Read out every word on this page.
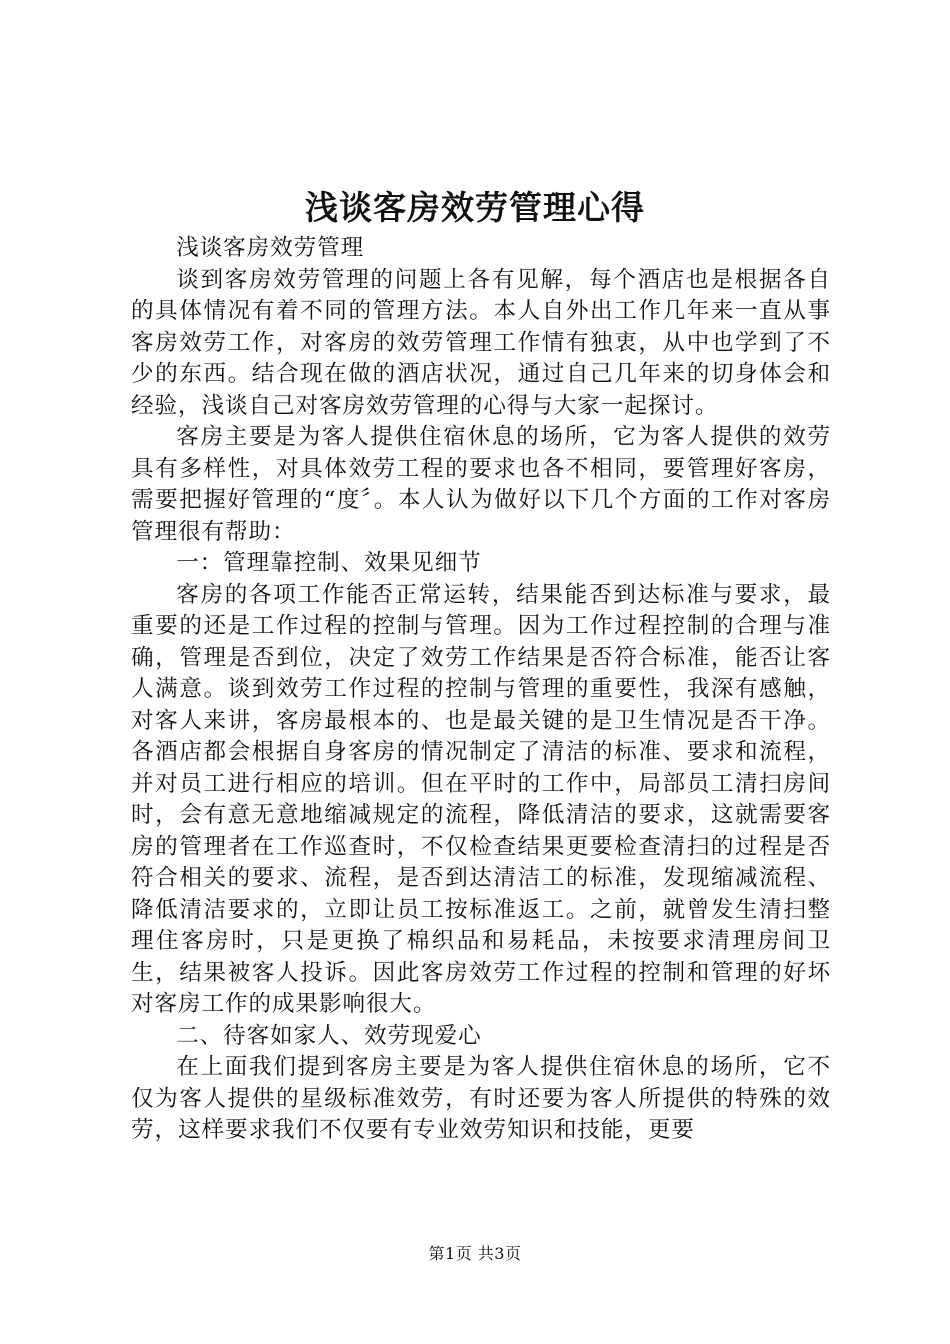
浅谈客房效劳管理心得

浅谈客房效劳管理

谈到客房效劳管理的问题上各有见解，每个酒店也是根据各自的具体情况有着不同的管理方法。本人自外出工作几年来一直从事客房效劳工作，对客房的效劳管理工作情有独衷，从中也学到了不少的东西。结合现在做的酒店状况，通过自己几年来的切身体会和经验，浅谈自己对客房效劳管理的心得与大家一起探讨。

客房主要是为客人提供住宿休息的场所，它为客人提供的效劳具有多样性，对具体效劳工程的要求也各不相同，要管理好客房，需要把握好管理的“度〞。本人认为做好以下几个方面的工作对客房管理很有帮助：

一：管理靠控制、效果见细节

客房的各项工作能否正常运转，结果能否到达标准与要求，最重要的还是工作过程的控制与管理。因为工作过程控制的合理与准确，管理是否到位，决定了效劳工作结果是否符合标准，能否让客人满意。谈到效劳工作过程的控制与管理的重要性，我深有感触，对客人来讲，客房最根本的、也是最关键的是卫生情况是否干净。各酒店都会根据自身客房的情况制定了清洁的标准、要求和流程，并对员工进行相应的培训。但在平时的工作中，局部员工清扫房间时，会有意无意地缩减规定的流程，降低清洁的要求，这就需要客房的管理者在工作巡查时，不仅检查结果更要检查清扫的过程是否符合相关的要求、流程，是否到达清洁工的标准，发现缩减流程、降低清洁要求的，立即让员工按标准返工。之前，就曾发生清扫整理住客房时，只是更换了棉织品和易耗品，未按要求清理房间卫生，结果被客人投诉。因此客房效劳工作过程的控制和管理的好坏对客房工作的成果影响很大。

二、待客如家人、效劳现爱心

在上面我们提到客房主要是为客人提供住宿休息的场所，它不仅为客人提供的星级标准效劳，有时还要为客人所提供的特殊的效劳，这样要求我们不仅要有专业效劳知识和技能，更要

第1页 共3页
